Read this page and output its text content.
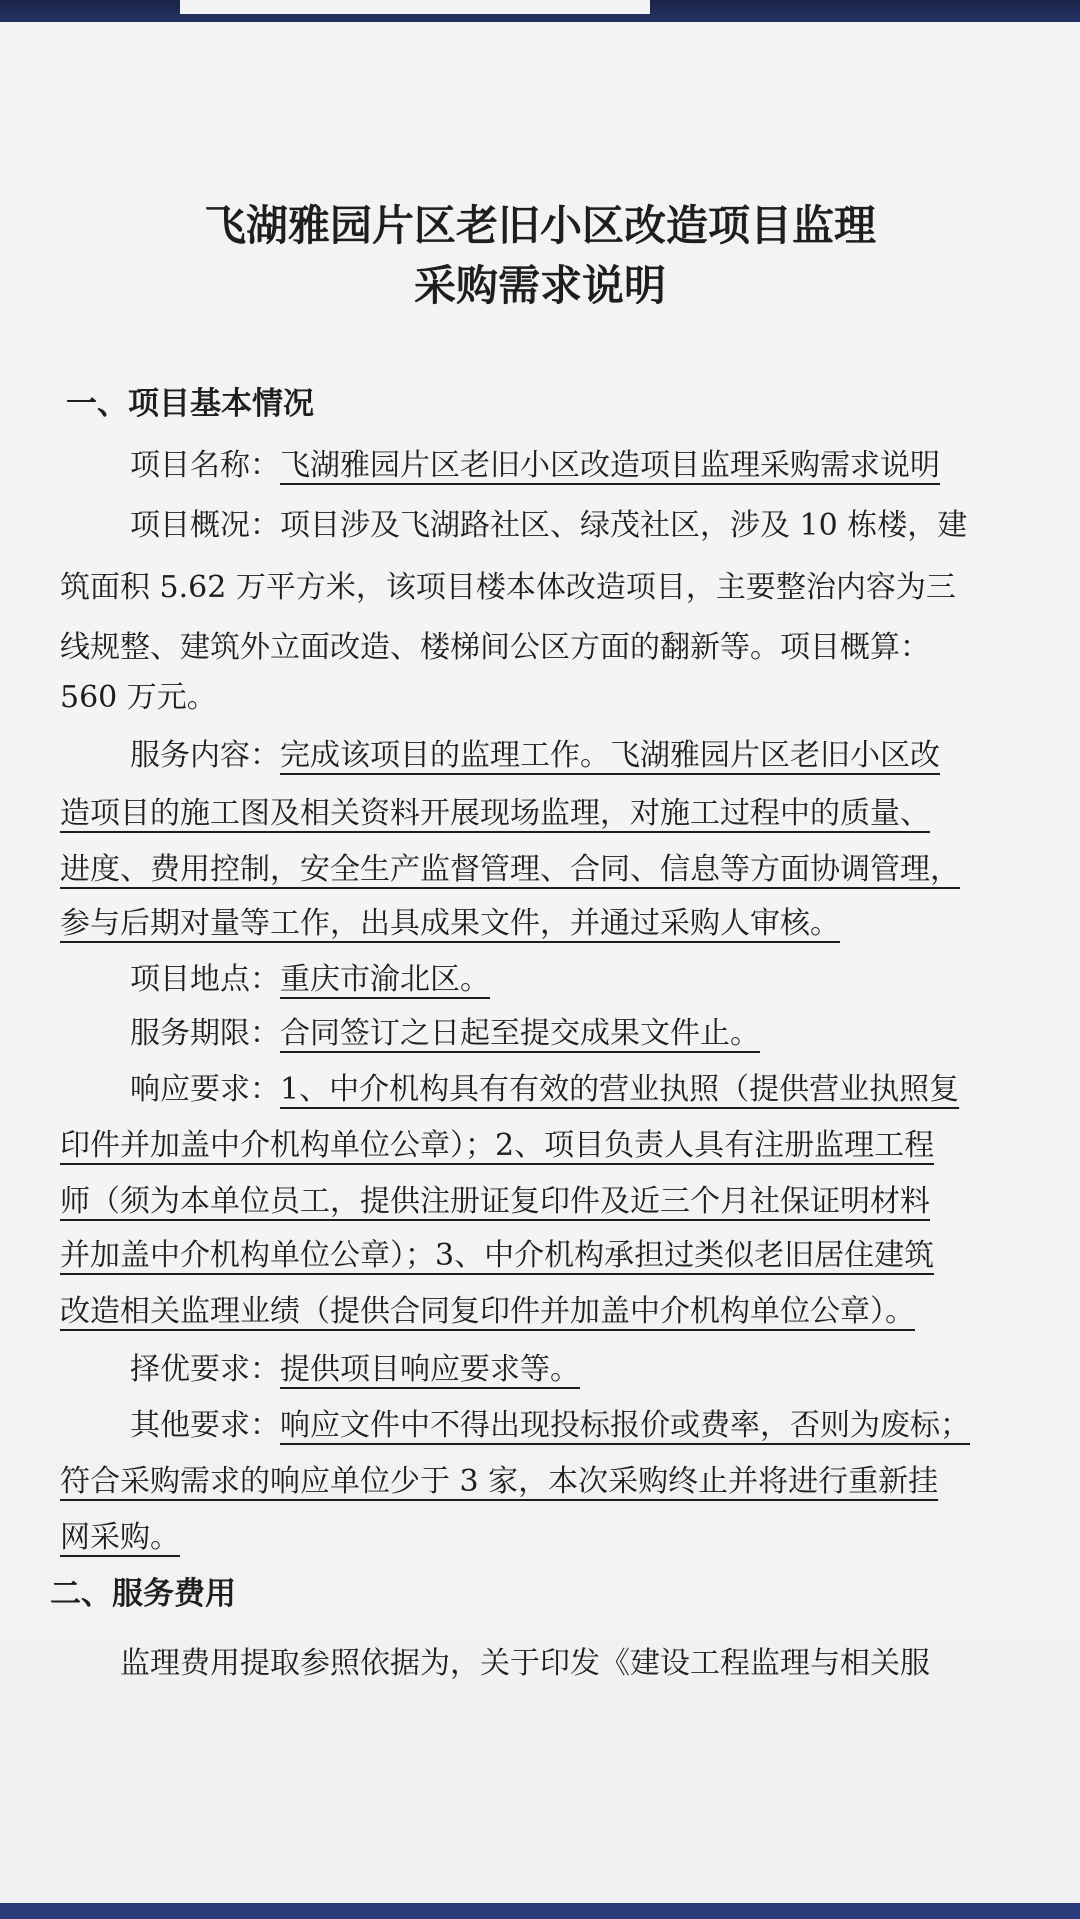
飞湖雅园片区老旧小区改造项目监理
采购需求说明
一、项目基本情况
项目名称：飞湖雅园片区老旧小区改造项目监理采购需求说明
项目概况：项目涉及飞湖路社区、绿茂社区，涉及 10 栋楼，建
筑面积 5.62 万平方米，该项目楼本体改造项目，主要整治内容为三
线规整、建筑外立面改造、楼梯间公区方面的翻新等。项目概算：
560 万元。
服务内容：完成该项目的监理工作。飞湖雅园片区老旧小区改
造项目的施工图及相关资料开展现场监理，对施工过程中的质量、
进度、费用控制，安全生产监督管理、合同、信息等方面协调管理，
参与后期对量等工作，出具成果文件，并通过采购人审核。
项目地点：重庆市渝北区。
服务期限：合同签订之日起至提交成果文件止。
响应要求：1、中介机构具有有效的营业执照（提供营业执照复
印件并加盖中介机构单位公章）；2、项目负责人具有注册监理工程
师（须为本单位员工，提供注册证复印件及近三个月社保证明材料
并加盖中介机构单位公章）；3、中介机构承担过类似老旧居住建筑
改造相关监理业绩（提供合同复印件并加盖中介机构单位公章）。
择优要求：提供项目响应要求等。
其他要求：响应文件中不得出现投标报价或费率，否则为废标；
符合采购需求的响应单位少于 3 家，本次采购终止并将进行重新挂
网采购。
二、服务费用
监理费用提取参照依据为，关于印发《建设工程监理与相关服
